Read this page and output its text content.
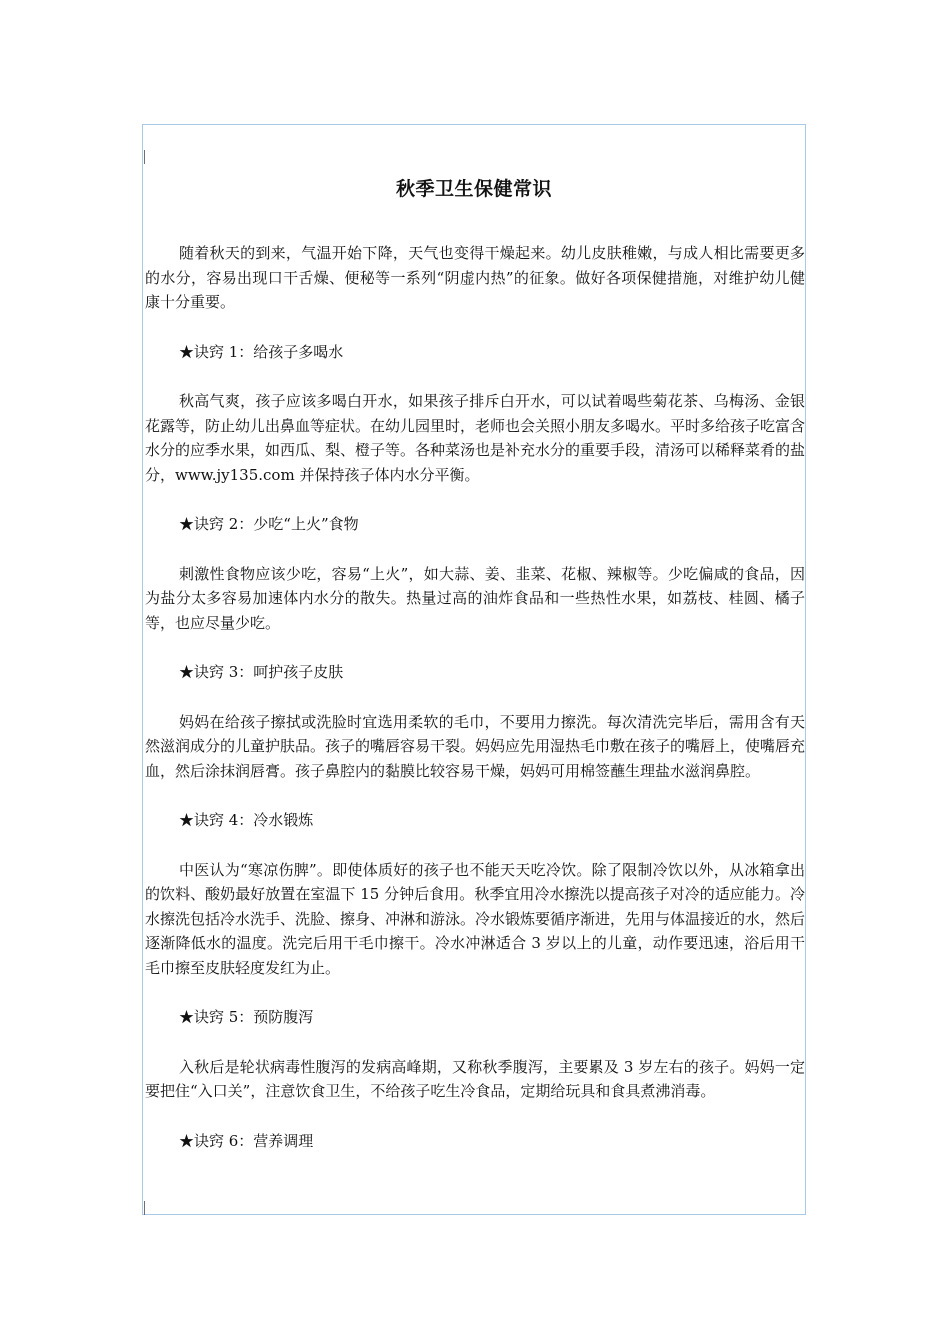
秋季卫生保健常识

随着秋天的到来，气温开始下降，天气也变得干燥起来。幼儿皮肤稚嫩，与成人相比需要更多的水分，容易出现口干舌燥、便秘等一系列“阴虚内热”的征象。做好各项保健措施，对维护幼儿健康十分重要。

★诀窍 1：给孩子多喝水

秋高气爽，孩子应该多喝白开水，如果孩子排斥白开水，可以试着喝些菊花茶、乌梅汤、金银花露等，防止幼儿出鼻血等症状。在幼儿园里时，老师也会关照小朋友多喝水。平时多给孩子吃富含水分的应季水果，如西瓜、梨、橙子等。各种菜汤也是补充水分的重要手段，清汤可以稀释菜肴的盐分，www.jy135.com 并保持孩子体内水分平衡。

★诀窍 2：少吃“上火”食物

刺激性食物应该少吃，容易“上火”，如大蒜、姜、韭菜、花椒、辣椒等。少吃偏咸的食品，因为盐分太多容易加速体内水分的散失。热量过高的油炸食品和一些热性水果，如荔枝、桂圆、橘子等，也应尽量少吃。

★诀窍 3：呵护孩子皮肤

妈妈在给孩子擦拭或洗脸时宜选用柔软的毛巾，不要用力擦洗。每次清洗完毕后，需用含有天然滋润成分的儿童护肤品。孩子的嘴唇容易干裂。妈妈应先用湿热毛巾敷在孩子的嘴唇上，使嘴唇充血，然后涂抹润唇膏。孩子鼻腔内的黏膜比较容易干燥，妈妈可用棉签蘸生理盐水滋润鼻腔。

★诀窍 4：冷水锻炼

中医认为“寒凉伤脾”。即使体质好的孩子也不能天天吃冷饮。除了限制冷饮以外，从冰箱拿出的饮料、酸奶最好放置在室温下 15 分钟后食用。秋季宜用冷水擦洗以提高孩子对冷的适应能力。冷水擦洗包括冷水洗手、洗脸、擦身、冲淋和游泳。冷水锻炼要循序渐进，先用与体温接近的水，然后逐渐降低水的温度。洗完后用干毛巾擦干。冷水冲淋适合 3 岁以上的儿童，动作要迅速，浴后用干毛巾擦至皮肤轻度发红为止。

★诀窍 5：预防腹泻

入秋后是轮状病毒性腹泻的发病高峰期，又称秋季腹泻，主要累及 3 岁左右的孩子。妈妈一定要把住“入口关”，注意饮食卫生，不给孩子吃生冷食品，定期给玩具和食具煮沸消毒。

★诀窍 6：营养调理
